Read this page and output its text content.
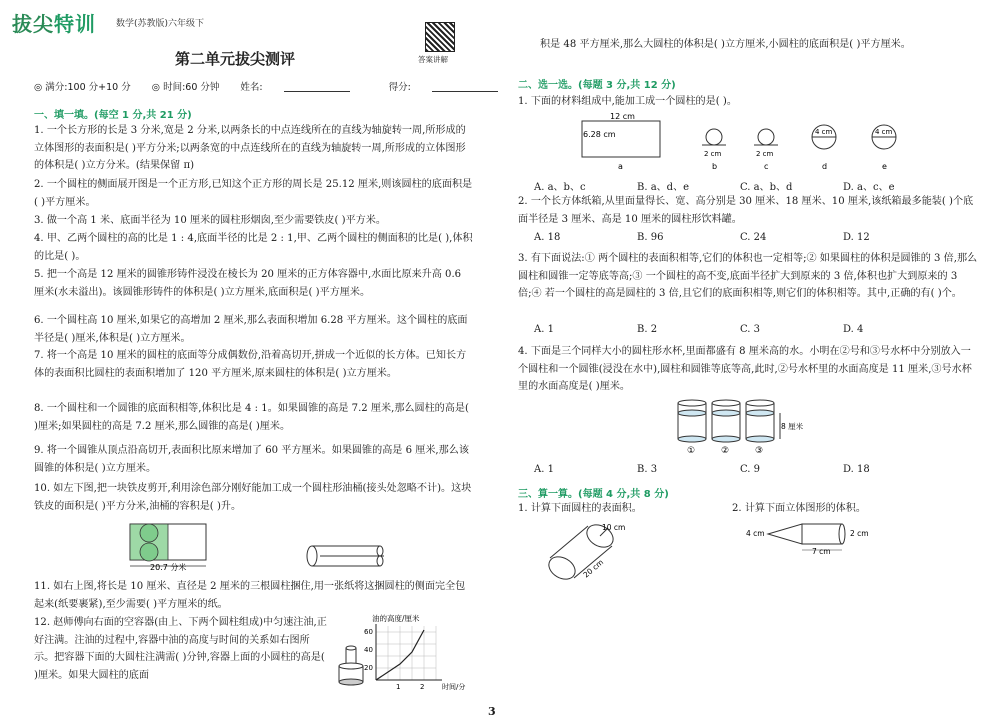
拔尖特训 数学(苏教版)六年级下
第二单元拔尖测评	答案讲解
◎ 满分:100 分+10 分 ◎ 时间:60 分钟 姓名:	得分:
一、填一填。(每空 1 分,共 21 分)
1. 一个长方形的长是 3 分米,宽是 2 分米,以两条长的中点连线所在的直线为轴旋转一周,所形成的立体图形的表面积是( )平方分米;以两条宽的中点连线所在的直线为轴旋转一周,所形成的立体图形的体积是( )立方分米。(结果保留 π)
2. 一个圆柱的侧面展开图是一个正方形,已知这个正方形的周长是 25.12 厘米,则该圆柱的底面积是( )平方厘米。
3. 做一个高 1 米、底面半径为 10 厘米的圆柱形烟囱,至少需要铁皮( )平方米。
4. 甲、乙两个圆柱的高的比是 1 : 4,底面半径的比是 2 : 1,甲、乙两个圆柱的侧面积的比是( ),体积的比是( )。
5. 把一个高是 12 厘米的圆锥形铸件浸没在棱长为 20 厘米的正方体容器中,水面比原来升高 0.6 厘米(水未溢出)。该圆锥形铸件的体积是( )立方厘米,底面积是( )平方厘米。
6. 一个圆柱高 10 厘米,如果它的高增加 2 厘米,那么表面积增加 6.28 平方厘米。这个圆柱的底面半径是( )厘米,体积是( )立方厘米。
7. 将一个高是 10 厘米的圆柱的底面等分成偶数份,沿着高切开,拼成一个近似的长方体。已知长方体的表面积比圆柱的表面积增加了 120 平方厘米,原来圆柱的体积是( )立方厘米。
8. 一个圆柱和一个圆锥的底面积相等,体积比是 4 : 1。如果圆锥的高是 7.2 厘米,那么圆柱的高是( )厘米;如果圆柱的高是 7.2 厘米,那么圆锥的高是( )厘米。
9. 将一个圆锥从顶点沿高切开,表面积比原来增加了 60 平方厘米。如果圆锥的高是 6 厘米,那么该圆锥的体积是( )立方厘米。
10. 如左下图,把一块铁皮剪开,利用涂色部分刚好能加工成一个圆柱形油桶(接头处忽略不计)。这块铁皮的面积是( )平方分米,油桶的容积是( )升。
20.7 分米
11. 如右上图,将长是 10 厘米、直径是 2 厘米的三根圆柱捆住,用一张纸将这捆圆柱的侧面完全包起来(纸要裹紧),至少需要( )平方厘米的纸。
12. 赵师傅向右面的空容器(由上、下两个圆柱组成)中匀速注油,正好注满。注油的过程中,容器中油的高度与时间的关系如右图所示。把容器下面的大圆柱注满需( )分钟,容器上面的小圆柱的高是( )厘米。如果大圆柱的底面
油的高度/厘米
60
40
20
1	2	时间/分
积是 48 平方厘米,那么大圆柱的体积是( )立方厘米,小圆柱的底面积是( )平方厘米。
二、选一选。(每题 3 分,共 12 分)
1. 下面的材料组成中,能加工成一个圆柱的是( )。
12 cm
6.28 cm
a
2 cm
b
2 cm
c
4 cm
d
4 cm
e
A. a、b、c	B. a、d、e	C. a、b、d	D. a、c、e
2. 一个长方体纸箱,从里面量得长、宽、高分别是 30 厘米、18 厘米、10 厘米,该纸箱最多能装( )个底面半径是 3 厘米、高是 10 厘米的圆柱形饮料罐。
A. 18	B. 96	C. 24	D. 12
3. 有下面说法:① 两个圆柱的表面积相等,它们的体积也一定相等;② 如果圆柱的体积是圆锥的 3 倍,那么圆柱和圆锥一定等底等高;③ 一个圆柱的高不变,底面半径扩大到原来的 3 倍,体积也扩大到原来的 3 倍;④ 若一个圆柱的高是圆柱的 3 倍,且它们的底面积相等,则它们的体积相等。其中,正确的有( )个。
A. 1	B. 2	C. 3	D. 4
4. 下面是三个同样大小的圆柱形水杯,里面都盛有 8 厘米高的水。小明在②号和③号水杯中分别放入一个圆柱和一个圆锥(浸没在水中),圆柱和圆锥等底等高,此时,②号水杯里的水面高度是 11 厘米,③号水杯里的水面高度是( )厘米。
8 厘米
①	②	③
A. 1	B. 3	C. 9	D. 18
三、算一算。(每题 4 分,共 8 分)
1. 计算下面圆柱的表面积。	2. 计算下面立体图形的体积。
10 cm
20 cm
4 cm
7 cm
2 cm
3
